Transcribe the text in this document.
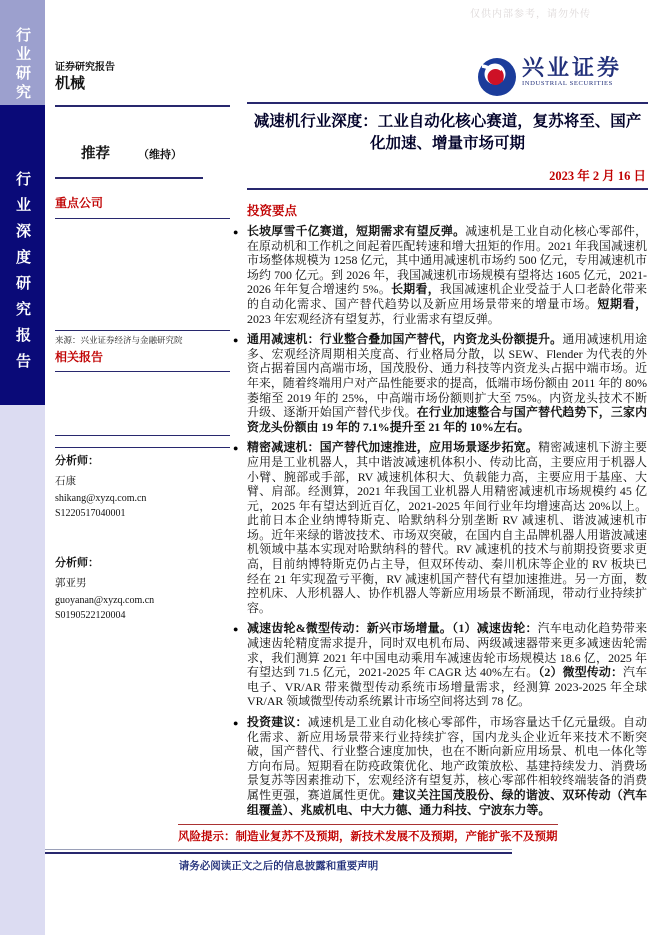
仅供内部参考，请勿外传
行业研究
行业深度研究报告
证券研究报告
机械
推荐	（维持）
重点公司
来源：兴业证券经济与金融研究院
相关报告
分析师：
石康
shikang@xyzq.com.cn
S1220517040001
分析师：
郭亚男
guoyanan@xyzq.com.cn
S0190522120004
兴业证券
INDUSTRIAL SECURITIES
减速机行业深度：工业自动化核心赛道，复苏将至、国产化加速、增量市场可期
2023 年 2 月 16 日
投资要点
● 长坡厚雪千亿赛道，短期需求有望反弹。减速机是工业自动化核心零部件，在原动机和工作机之间起着匹配转速和增大扭矩的作用。2021 年我国减速机市场整体规模为 1258 亿元，其中通用减速机市场约 500 亿元，专用减速机市场约 700 亿元。到 2026 年，我国减速机市场规模有望将达 1605 亿元，2021-2026 年年复合增速约 5%。长期看，我国减速机企业受益于人口老龄化带来的自动化需求、国产替代趋势以及新应用场景带来的增量市场。短期看，2023 年宏观经济有望复苏，行业需求有望反弹。
● 通用减速机：行业整合叠加国产替代，内资龙头份额提升。通用减速机用途多、宏观经济周期相关度高、行业格局分散，以 SEW、Flender 为代表的外资占据着国内高端市场，国茂股份、通力科技等内资龙头占据中端市场。近年来，随着终端用户对产品性能要求的提高，低端市场份额由 2011 年的 80%萎缩至 2019 年的 25%，中高端市场份额则扩大至 75%。内资龙头技术不断升级、逐渐开始国产替代步伐。在行业加速整合与国产替代趋势下，三家内资龙头份额由 19 年的 7.1%提升至 21 年的 10%左右。
● 精密减速机：国产替代加速推进，应用场景逐步拓宽。精密减速机下游主要应用是工业机器人，其中谐波减速机体积小、传动比高，主要应用于机器人小臂、腕部或手部，RV 减速机体积大、负载能力高，主要应用于基座、大臂、肩部。经测算，2021 年我国工业机器人用精密减速机市场规模约 45 亿元，2025 年有望达到近百亿，2021-2025 年间行业年均增速高达 20%以上。此前日本企业纳博特斯克、哈默纳科分别垄断 RV 减速机、谐波减速机市场。近年来绿的谐波技术、市场双突破，在国内自主品牌机器人用谐波减速机领域中基本实现对哈默纳科的替代。RV 减速机的技术与前期投资要求更高，目前纳博特斯克仍占主导，但双环传动、秦川机床等企业的 RV 板块已经在 21 年实现盈亏平衡，RV 减速机国产替代有望加速推进。另一方面，数控机床、人形机器人、协作机器人等新应用场景不断涌现，带动行业持续扩容。
● 减速齿轮&微型传动：新兴市场增量。（1）减速齿轮：汽车电动化趋势带来减速齿轮精度需求提升，同时双电机布局、两级减速器带来更多减速齿轮需求，我们测算 2021 年中国电动乘用车减速齿轮市场规模达 18.6 亿，2025 年有望达到 71.5 亿元，2021-2025 年 CAGR 达 40%左右。（2）微型传动：汽车电子、VR/AR 带来微型传动系统市场增量需求，经测算 2023-2025 年全球 VR/AR 领域微型传动系统累计市场空间将达到 78 亿。
● 投资建议：减速机是工业自动化核心零部件，市场容量达千亿元量级。自动化需求、新应用场景带来行业持续扩容，国内龙头企业近年来技术不断突破，国产替代、行业整合速度加快，也在不断向新应用场景、机电一体化等方向布局。短期看在防疫政策优化、地产政策放松、基建持续发力、消费场景复苏等因素推动下，宏观经济有望复苏，核心零部件相较终端装备的消费属性更强，赛道属性更优。建议关注国茂股份、绿的谐波、双环传动（汽车组覆盖）、兆威机电、中大力德、通力科技、宁波东力等。
风险提示：制造业复苏不及预期，新技术发展不及预期，产能扩张不及预期
请务必阅读正文之后的信息披露和重要声明
